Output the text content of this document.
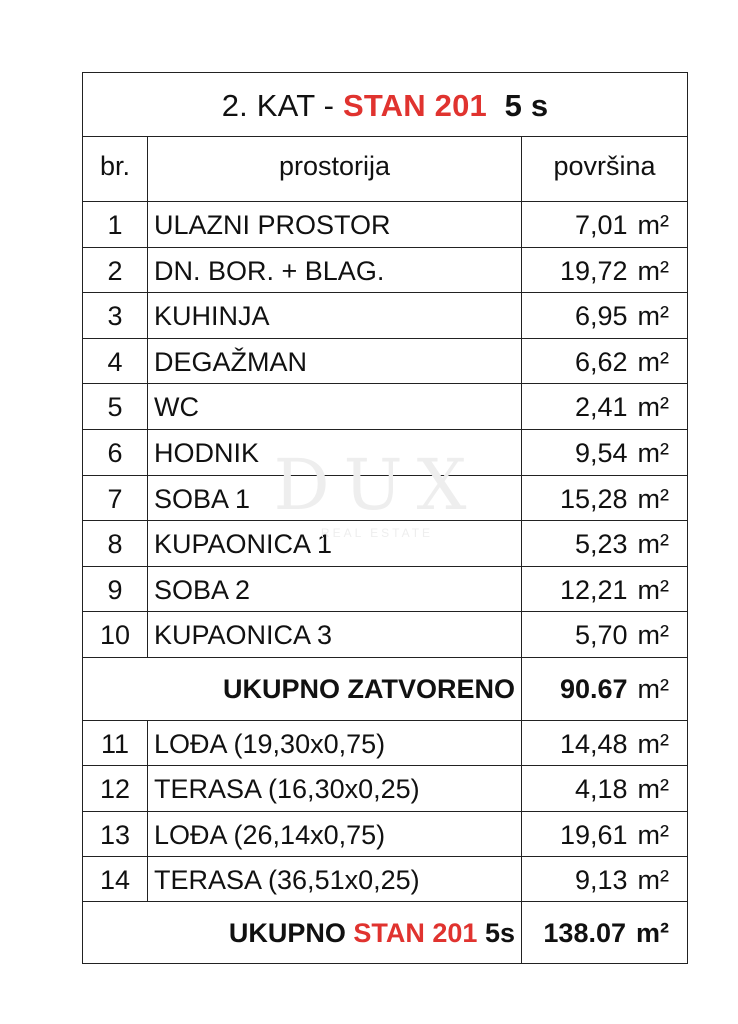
2. KAT - STAN 201 5 s
br.	prostorija	površina
1	ULAZNI PROSTOR	7,01 m²
2	DN. BOR. + BLAG.	19,72 m²
3	KUHINJA	6,95 m²
4	DEGAŽMAN	6,62 m²
5	WC	2,41 m²
6	HODNIK	9,54 m²
7	SOBA 1	15,28 m²
8	KUPAONICA 1	5,23 m²
9	SOBA 2	12,21 m²
10 KUPAONICA 3	5,70 m²
UKUPNO ZATVORENO	90.67 m²
11 LOĐA (19,30x0,75)	14,48 m²
12 TERASA (16,30x0,25)	4,18 m²
13 LOĐA (26,14x0,75)	19,61 m²
14 TERASA (36,51x0,25)	9,13 m²
UKUPNO STAN 201 5s	138.07 m²
DUX
REAL ESTATE
